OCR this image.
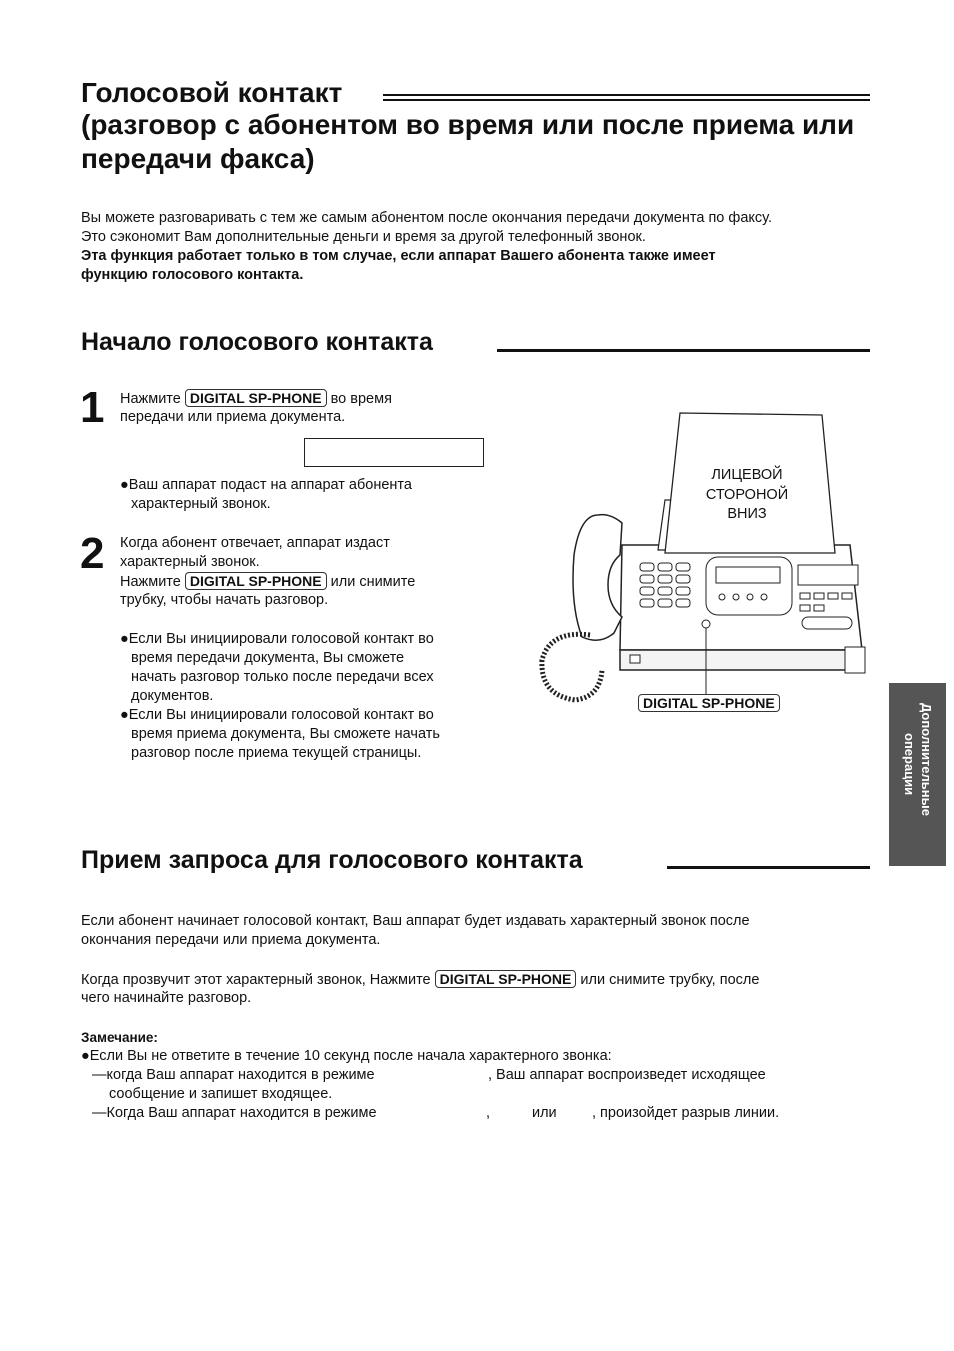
Голосовой контакт
(разговор с абонентом во время или после приема или
передачи факса)
Вы можете разговаривать с тем же самым абонентом после окончания передачи документа по факсу.
Это сэкономит Вам дополнительные деньги и время за другой телефонный звонок.
Эта функция работает только в том случае, если аппарат Вашего абонента также имеет
функцию голосового контакта.
Начало голосового контакта
1 Нажмите DIGITAL SP-PHONE во время
передачи или приема документа.
●Ваш аппарат подаст на аппарат абонента
характерный звонок.
2 Когда абонент отвечает, аппарат издаст
характерный звонок.
Нажмите DIGITAL SP-PHONE или снимите
трубку, чтобы начать разговор.
●Если Вы инициировали голосовой контакт во
время передачи документа, Вы сможете
начать разговор только после передачи всех
документов.
●Если Вы инициировали голосовой контакт во
время приема документа, Вы сможете начать
разговор после приема текущей страницы.
ЛИЦЕВОЙ
СТОРОНОЙ
ВНИЗ
DIGITAL SP-PHONE	Дополнительные
операции
Прием запроса для голосового контакта
Если абонент начинает голосовой контакт, Ваш аппарат будет издавать характерный звонок после
окончания передачи или приема документа.
Когда прозвучит этот характерный звонок, Нажмите DIGITAL SP-PHONE или снимите трубку, после
чего начинайте разговор.
Замечание:
●Если Вы не ответите в течение 10 секунд после начала характерного звонка:
—когда Ваш аппарат находится в режиме	, Ваш аппарат воспроизведет исходящее
сообщение и запишет входящее.
—Когда Ваш аппарат находится в режиме	,	или , произойдет разрыв линии.
